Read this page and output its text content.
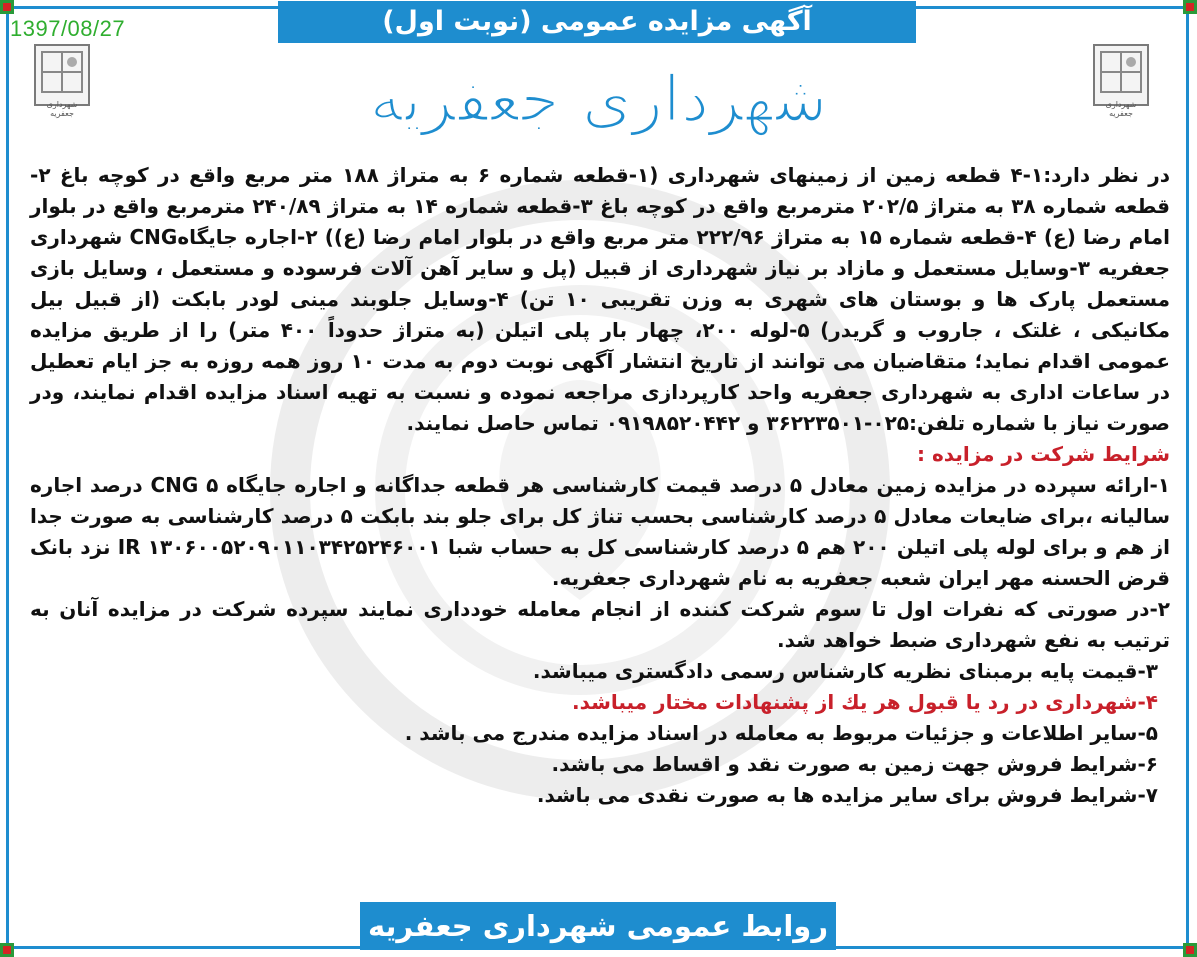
1397/08/27	آگهی مزایده عمومی (نوبت اول)
شهرداری جعفریه
شهرداری جعفریه
شهرداری جعفریه

در نظر دارد:۱-۴ قطعه زمین از زمینهای شهرداری (۱-قطعه شماره ۶ به متراژ ۱۸۸ متر مربع واقع در کوچه باغ ۲-قطعه شماره ۳۸ به متراژ ۲۰۲/۵ مترمربع واقع در کوچه باغ ۳-قطعه شماره ۱۴ به متراژ ۲۴۰/۸۹ مترمربع واقع در بلوار امام رضا (ع) ۴-قطعه شماره ۱۵ به متراژ ۲۲۲/۹۶ متر مربع واقع در بلوار امام رضا (ع)) ۲-اجاره جایگاهCNG شهرداری جعفریه ۳-وسایل مستعمل و مازاد بر نیاز شهرداری از قبیل (پل و سایر آهن آلات فرسوده و مستعمل ، وسایل بازی مستعمل پارک ها و بوستان های شهری به وزن تقریبی ۱۰ تن) ۴-وسایل جلوبند مینی لودر بابکت (از قبیل بیل مکانیکی ، غلتک ، جاروب و گریدر) ۵-لوله ۲۰۰، چهار بار پلی اتیلن (به متراژ حدوداً ۴۰۰ متر) را از طریق مزایده عمومی اقدام نماید؛ متقاضیان می توانند از تاریخ انتشار آگهی نوبت دوم به مدت ۱۰ روز همه روزه به جز ایام تعطیل در ساعات اداری به شهرداری جعفریه واحد کارپردازی مراجعه نموده و نسبت به تهیه اسناد مزایده اقدام نمایند، ودر صورت نیاز با شماره تلفن:۰۲۵-۳۶۲۲۳۵۰۱ و ۰۹۱۹۸۵۲۰۴۴۲ تماس حاصل نمایند.

شرایط شرکت در مزایده :

۱-ارائه سپرده در مزایده زمین معادل ۵ درصد قیمت کارشناسی هر قطعه جداگانه و اجاره جایگاه CNG ۵ درصد اجاره سالیانه ،برای ضایعات معادل ۵ درصد کارشناسی بحسب تناژ کل برای جلو بند بابکت ۵ درصد کارشناسی به صورت جدا از هم و برای لوله پلی اتیلن ۲۰۰ هم ۵ درصد کارشناسی کل به حساب شبا IR ۱۳۰۶۰۰۵۲۰۹۰۱۱۰۳۴۲۵۲۴۶۰۰۱ نزد بانک قرض الحسنه مهر ایران شعبه جعفریه به نام شهرداری جعفریه.

۲-در صورتی که نفرات اول تا سوم شرکت کننده از انجام معامله خودداری نمایند سپرده شرکت در مزایده آنان به ترتیب به نفع شهرداری ضبط خواهد شد.

۳-قیمت پایه برمبنای نظریه کارشناس رسمی دادگستری میباشد.

۴-شهرداری در رد یا قبول هر یك از پشنهادات مختار میباشد.

۵-سایر اطلاعات و جزئیات مربوط به معامله در اسناد مزایده مندرج می باشد .

۶-شرایط فروش جهت زمین به صورت نقد و اقساط می باشد.

۷-شرایط فروش برای سایر مزایده ها به صورت نقدی می باشد.

روابط عمومی شهرداری جعفریه
